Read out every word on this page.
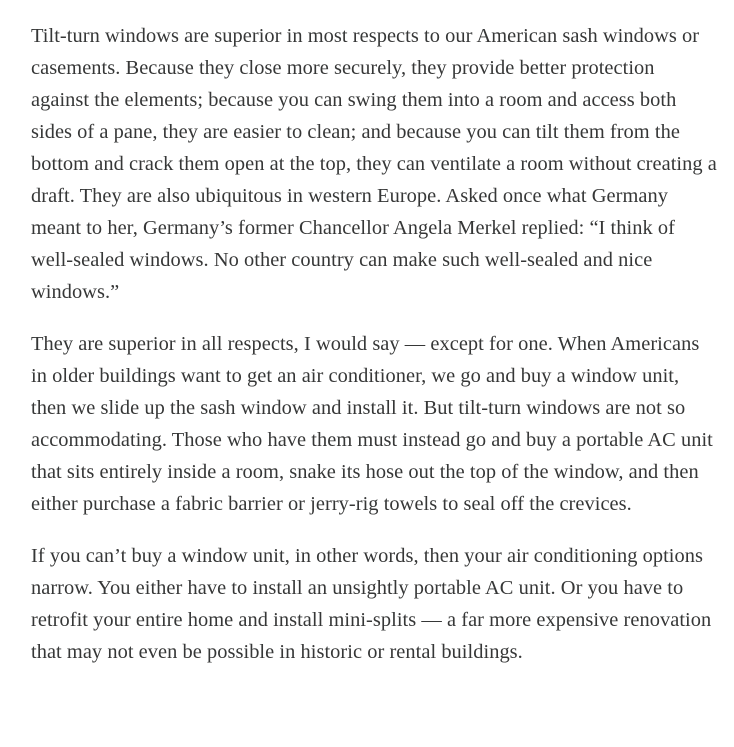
Tilt-turn windows are superior in most respects to our American sash windows or casements. Because they close more securely, they provide better protection against the elements; because you can swing them into a room and access both sides of a pane, they are easier to clean; and because you can tilt them from the bottom and crack them open at the top, they can ventilate a room without creating a draft. They are also ubiquitous in western Europe. Asked once what Germany meant to her, Germany’s former Chancellor Angela Merkel replied: “I think of well-sealed windows. No other country can make such well-sealed and nice windows.”

They are superior in all respects, I would say — except for one. When Americans in older buildings want to get an air conditioner, we go and buy a window unit, then we slide up the sash window and install it. But tilt-turn windows are not so accommodating. Those who have them must instead go and buy a portable AC unit that sits entirely inside a room, snake its hose out the top of the window, and then either purchase a fabric barrier or jerry-rig towels to seal off the crevices.

If you can’t buy a window unit, in other words, then your air conditioning options narrow. You either have to install an unsightly portable AC unit. Or you have to retrofit your entire home and install mini-splits — a far more expensive renovation that may not even be possible in historic or rental buildings.
